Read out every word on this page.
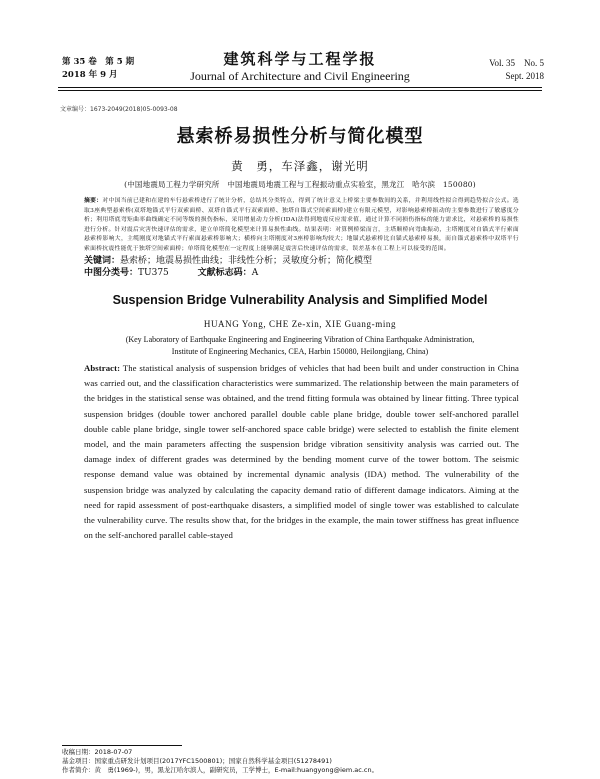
第 35 卷　第 5 期
2018 年 9 月
建筑科学与工程学报
Journal of Architecture and Civil Engineering
Vol. 35　No. 5
Sept. 2018
文章编号：1673-2049(2018)05-0093-08
悬索桥易损性分析与简化模型
黄　勇，车泽鑫，谢光明
(中国地震局工程力学研究所　中国地震局地震工程与工程振动重点实验室，黑龙江　哈尔滨　150080)
摘要：对中国当前已建和在建的车行悬索桥进行了统计分析，总结其分类特点，得到了统计意义上桥梁主要参数间的关系，并利用线性拟合得到趋势拟合公式。选取3座典型悬索桥(双塔地锚式平行双索面桥、双塔自锚式平行双索面桥、独塔自锚式空间索面桥)建立有限元模型，对影响悬索桥振动的主要参数进行了敏感度分析；利用塔底弯矩曲率曲线确定不同等级的损伤指标，采用增量动力分析(IDA)法得到地震反应需求值，通过计算不同损伤指标的能力需求比，对悬索桥的易损性进行分析。针对震后灾害快速评估的需求，建立单塔简化模型来计算易损性曲线。结果表明：对算例桥梁而言，主塔顺桥向弯曲振动，主塔刚度对自锚式平行索面悬索桥影响大，主缆刚度对地锚式平行索面悬索桥影响大；横桥向主塔刚度对3座桥影响均较大；地锚式悬索桥比自锚式悬索桥易损，而自锚式悬索桥中双塔平行索面桥抗震性能优于独塔空间索面桥；单塔简化模型在一定程度上能够满足震害后快速评估的需求，误差基本在工程上可以接受的范围。
Suspension Bridge Vulnerability Analysis and Simplified Model
HUANG Yong, CHE Ze-xin, XIE Guang-ming
(Key Laboratory of Earthquake Engineering and Engineering Vibration of China Earthquake Administration,
Institute of Engineering Mechanics, CEA, Harbin 150080, Heilongjiang, China)
Abstract: The statistical analysis of suspension bridges of vehicles that had been built and under construction in China was carried out, and the classification characteristics were summarized. The relationship between the main parameters of the bridges in the statistical sense was obtained, and the trend fitting formula was obtained by linear fitting. Three typical suspension bridges (double tower anchored parallel double cable plane bridge, double tower self-anchored parallel double cable plane bridge, single tower self-anchored space cable bridge) were selected to establish the finite element model, and the main parameters affecting the suspension bridge vibration sensitivity analysis was carried out. The damage index of different grades was determined by the bending moment curve of the tower bottom. The seismic response demand value was obtained by incremental dynamic analysis (IDA) method. The vulnerability of the suspension bridge was analyzed by calculating the capacity demand ratio of different damage indicators. Aiming at the need for rapid assessment of post-earthquake disasters, a simplified model of single tower was established to calculate the vulnerability curve. The results show that, for the bridges in the example, the main tower stiffness has great influence on the self-anchored parallel cable-stayed
收稿日期：2018-07-07
基金项目：国家重点研发计划项目(2017YFC1500801)；国家自然科学基金项目(51278491)
作者简介：黄　勇(1969-)，男，黑龙江哈尔滨人，副研究员，工学博士，E-mail:huangyong@iem.ac.cn。
关键词：悬索桥；地震易损性曲线；非线性分析；灵敏度分析；简化模型
中图分类号：TU375	文献标志码：A
